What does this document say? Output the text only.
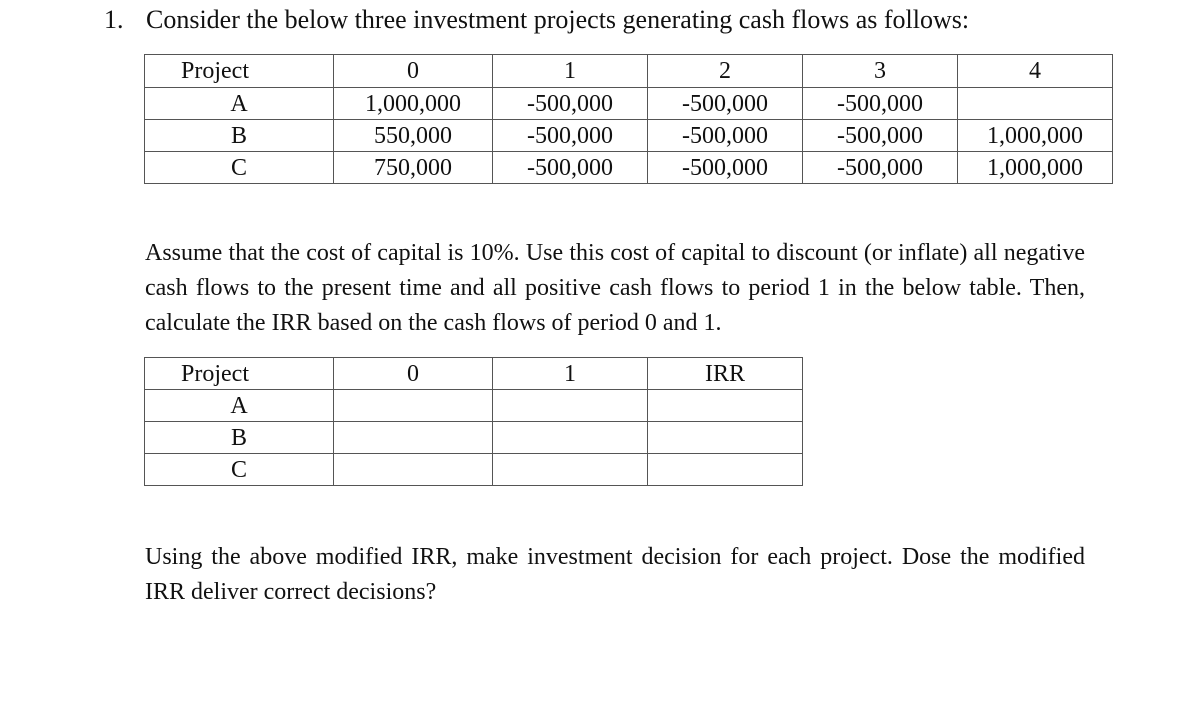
1. Consider the below three investment projects generating cash flows as follows:
Project	0	1	2	3	4
A	1,000,000	-500,000	-500,000	-500,000	
B	550,000	-500,000	-500,000	-500,000	1,000,000
C	750,000	-500,000	-500,000	-500,000	1,000,000
Assume that the cost of capital is 10%. Use this cost of capital to discount (or inflate) all negative cash flows to the present time and all positive cash flows to period 1 in the below table. Then, calculate the IRR based on the cash flows of period 0 and 1.
Project	0	1	IRR
A			
B			
C			
Using the above modified IRR, make investment decision for each project. Dose the modified IRR deliver correct decisions?
